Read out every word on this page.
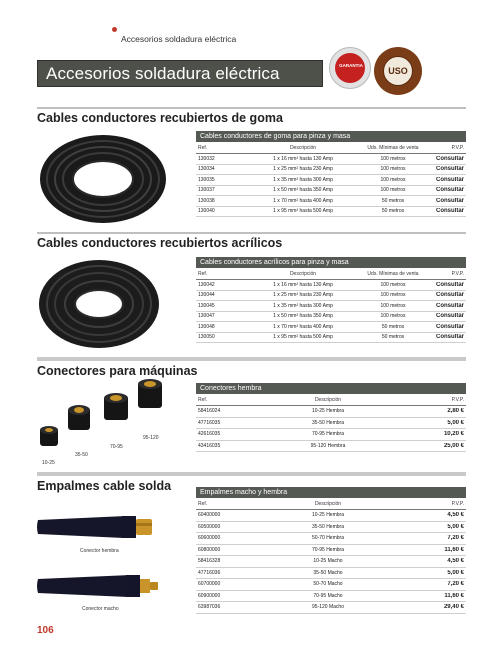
Accesorios soldadura eléctrica
Accesorios soldadura eléctrica	GARANTIA
USO
Cables conductores recubiertos de goma
Cables conductores de goma para pinza y masa
Ref.	Descripción	Uds. Mínimas de venta	P.V.P.
130032	1 x 16 mm² hasta 130 Amp	100 metros	Consultar
130034	1 x 25 mm² hasta 230 Amp	100 metros	Consultar
130035	1 x 35 mm² hasta 300 Amp	100 metros	Consultar
130037	1 x 50 mm² hasta 350 Amp	100 metros	Consultar
130038	1 x 70 mm² hasta 400 Amp	50 metros	Consultar
130040	1 x 95 mm² hasta 500 Amp	50 metros	Consultar
Cables conductores recubiertos acrílicos
Cables conductores acrílicos para pinza y masa
Ref.	Descripción	Uds. Mínimas de venta	P.V.P.
130042	1 x 16 mm² hasta 130 Amp	100 metros	Consultar
130044	1 x 25 mm² hasta 230 Amp	100 metros	Consultar
130045	1 x 35 mm² hasta 300 Amp	100 metros	Consultar
130047	1 x 50 mm² hasta 350 Amp	100 metros	Consultar
130048	1 x 70 mm² hasta 400 Amp	50 metros	Consultar
130050	1 x 95 mm² hasta 500 Amp	50 metros	Consultar
Conectores para máquinas
95-120
70-95
35-50
10-25
Conectores hembra
Ref.	Descripción	P.V.P.
58416024	10-25 Hembra	2,80 €
47716035	35-50 Hembra	5,00 €
42616035	70-95 Hembra	10,20 €
43416035	95-120 Hembra	25,00 €
Empalmes cable solda
Conector hembra
Conector macho
Empalmes macho y hembra
Ref.	Descripción	P.V.P.
60400000	10-25 Hembra	4,50 €
60500000	35-50 Hembra	5,00 €
60600000	50-70 Hembra	7,20 €
60800000	70-95 Hembra	11,60 €
58416328	10-25 Macho	4,50 €
47716036	35-50 Macho	5,00 €
60700000	50-70 Macho	7,20 €
60900000	70-95 Macho	11,60 €
63987036	95-120 Macho	29,40 €
106
